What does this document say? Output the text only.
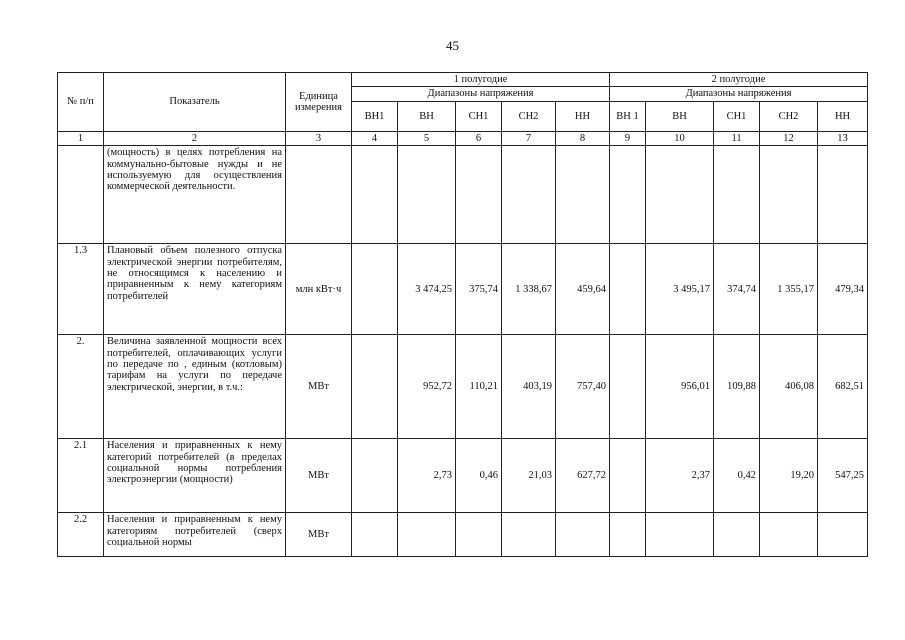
45
№ п/п	Показатель	Единица измерения	1 полугодие					2 полугодие				
			Диапазоны напряжения					Диапазоны напряжения				
			ВН1	ВН	СН1	СН2	НН	ВН 1	ВН	СН1	СН2	НН
1	2	3	4	5	6	7	8	9	10	11	12	13
	(мощность) в целях потребления на коммунально-бытовые нужды и не используемую для осуществления коммерческой деятельности.											
1.3	Плановый объем полезного отпуска электрической энергии потребителям, не относящимся к населению и приравненным к нему категориям потребителей	млн кВт·ч		3 474,25	375,74	1 338,67	459,64		3 495,17	374,74	1 355,17	479,34
2.	Величина заявленной мощности всех потребителей, оплачивающих услуги по передаче по , единым (котловым) тарифам на услуги по передаче электрической, энергии, в т.ч.:	МВт		952,72	110,21	403,19	757,40		956,01	109,88	406,08	682,51
2.1	Населения и приравненных к нему категорий потребителей (в пределах социальной нормы потребления электроэнергии (мощности)	МВт		2,73	0,46	21,03	627,72		2,37	0,42	19,20	547,25
2.2	Населения и приравненным к нему категориям потребителей (сверх социальной нормы	МВт										
